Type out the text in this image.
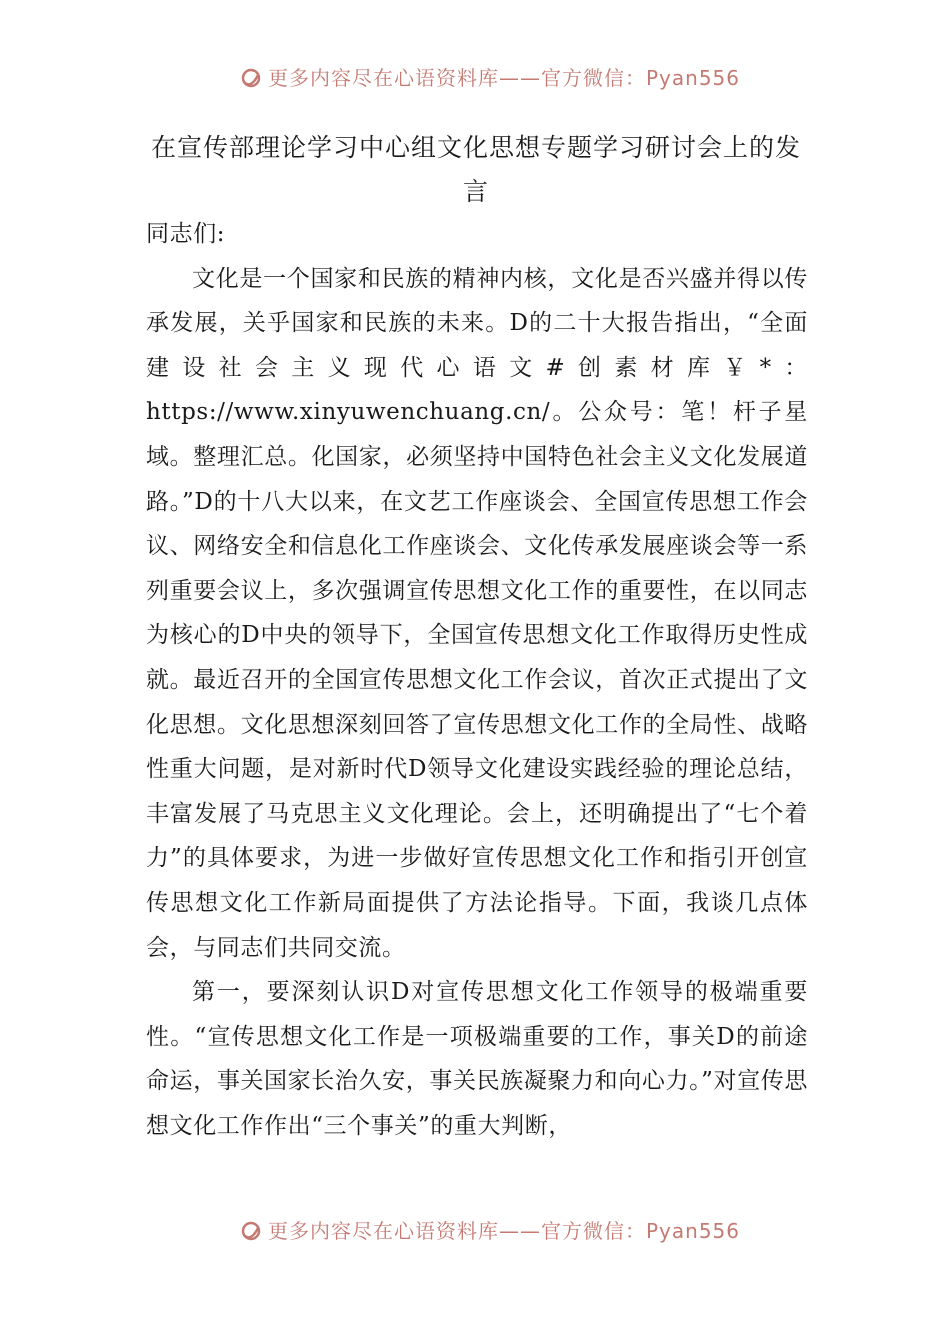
更多内容尽在心语资料库——官方微信：Pyan556
在宣传部理论学习中心组文化思想专题学习研讨会上的发言

同志们:

文化是一个国家和民族的精神内核，文化是否兴盛并得以传承发展，关乎国家和民族的未来。D的二十大报告指出，“全面建设社会主义现代心语文#创素材库￥*：https://www.xinyuwenchuang.cn/。公众号：笔！杆子星域。整理汇总。化国家，必须坚持中国特色社会主义文化发展道路。”D的十八大以来，在文艺工作座谈会、全国宣传思想工作会议、网络安全和信息化工作座谈会、文化传承发展座谈会等一系列重要会议上，多次强调宣传思想文化工作的重要性，在以同志为核心的D中央的领导下，全国宣传思想文化工作取得历史性成就。最近召开的全国宣传思想文化工作会议，首次正式提出了文化思想。文化思想深刻回答了宣传思想文化工作的全局性、战略性重大问题，是对新时代D领导文化建设实践经验的理论总结，丰富发展了马克思主义文化理论。会上，还明确提出了“七个着力”的具体要求，为进一步做好宣传思想文化工作和指引开创宣传思想文化工作新局面提供了方法论指导。下面，我谈几点体会，与同志们共同交流。

第一，要深刻认识D对宣传思想文化工作领导的极端重要性。“宣传思想文化工作是一项极端重要的工作，事关D的前途命运，事关国家长治久安，事关民族凝聚力和向心力。”对宣传思想文化工作作出“三个事关”的重大判断，

更多内容尽在心语资料库——官方微信：Pyan556
